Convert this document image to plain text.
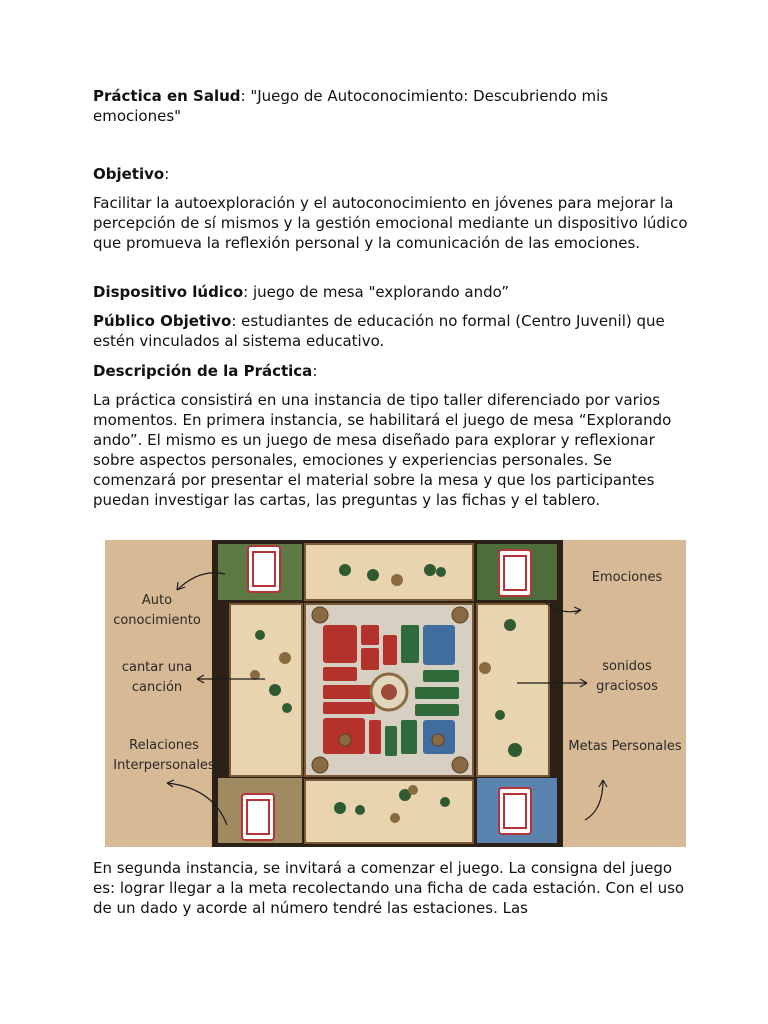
Práctica en Salud: "Juego de Autoconocimiento: Descubriendo mis emociones"

Objetivo:

Facilitar la autoexploración y el autoconocimiento en jóvenes para mejorar la percepción de sí mismos y la gestión emocional mediante un dispositivo lúdico que promueva la reflexión personal y la comunicación de las emociones.

Dispositivo lúdico: juego de mesa "explorando ando”

Público Objetivo: estudiantes de educación no formal (Centro Juvenil) que estén vinculados al sistema educativo.

Descripción de la Práctica:

La práctica consistirá en una instancia de tipo taller diferenciado por varios momentos. En primera instancia, se habilitará el juego de mesa “Explorando ando”. El mismo es un juego de mesa diseñado para explorar y reflexionar sobre aspectos personales, emociones y experiencias personales. Se comenzará por presentar el material sobre la mesa y que los participantes puedan investigar las cartas, las preguntas y las fichas y el tablero.

Auto
conocimiento
cantar una
canción
Relaciones
Interpersonales
Emociones
sonidos
graciosos
Metas Personales

En segunda instancia, se invitará a comenzar el juego. La consigna del juego es: lograr llegar a la meta recolectando una ficha de cada estación. Con el uso de un dado y acorde al número tendré las estaciones. Las
